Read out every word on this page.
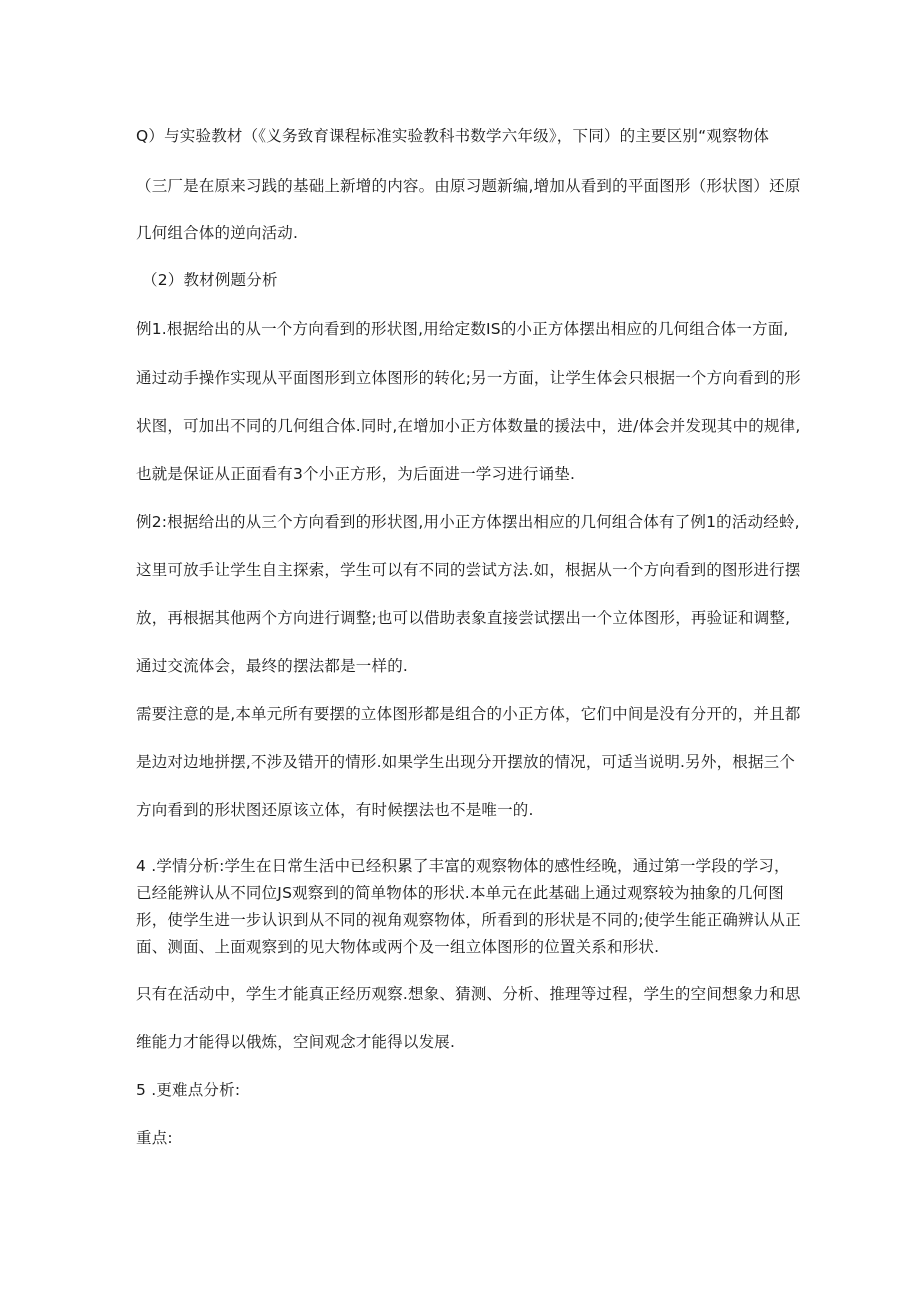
Q）与实验教材（《义务致育课程标准实验教科书数学六年级》，下同）的主要区别“观察物体
（三厂是在原来习践的基础上新增的内容。由原习题新编,增加从看到的平面图形（形状图）还原
几何组合体的逆向活动.
（2）教材例题分析
例1.根据给出的从一个方向看到的形状图,用给定数IS的小正方体摆出相应的几何组合体一方面,
通过动手操作实现从平面图形到立体图形的转化;另一方面，让学生体会只根据一个方向看到的形
状图，可加出不同的几何组合体.同时,在增加小正方体数量的援法中，进/体会并发现其中的规律,
也就是保证从正面看有3个小正方形，为后面进一学习进行诵垫.
例2:根据给出的从三个方向看到的形状图,用小正方体摆出相应的几何组合体有了例1的活动经蛉,
这里可放手让学生自主探索，学生可以有不同的尝试方法.如，根据从一个方向看到的图形进行摆
放，再根据其他两个方向进行调整;也可以借助表象直接尝试摆出一个立体图形，再验证和调整,
通过交流体会，最终的摆法都是一样的.
需要注意的是,本单元所有要摆的立体图形都是组合的小正方体，它们中间是没有分开的，并且都
是边对边地拼摆,不涉及错开的情形.如果学生出现分开摆放的情况，可适当说明.另外，根据三个
方向看到的形状图还原该立体，有时候摆法也不是唯一的.
4 .学情分析:学生在日常生活中已经积累了丰富的观察物体的感性经晚，通过第一学段的学习，
已经能辨认从不同位JS观察到的简单物体的形状.本单元在此基础上通过观察较为抽象的几何图
形，使学生进一步认识到从不同的视角观察物体，所看到的形状是不同的;使学生能正确辨认从正
面、测面、上面观察到的见大物体或两个及一组立体图形的位置关系和形状.
只有在活动中，学生才能真正经历观察.想象、猜测、分析、推理等过程，学生的空间想象力和思
维能力才能得以俄炼，空间观念才能得以发展.
5 .更难点分析:
重点:
